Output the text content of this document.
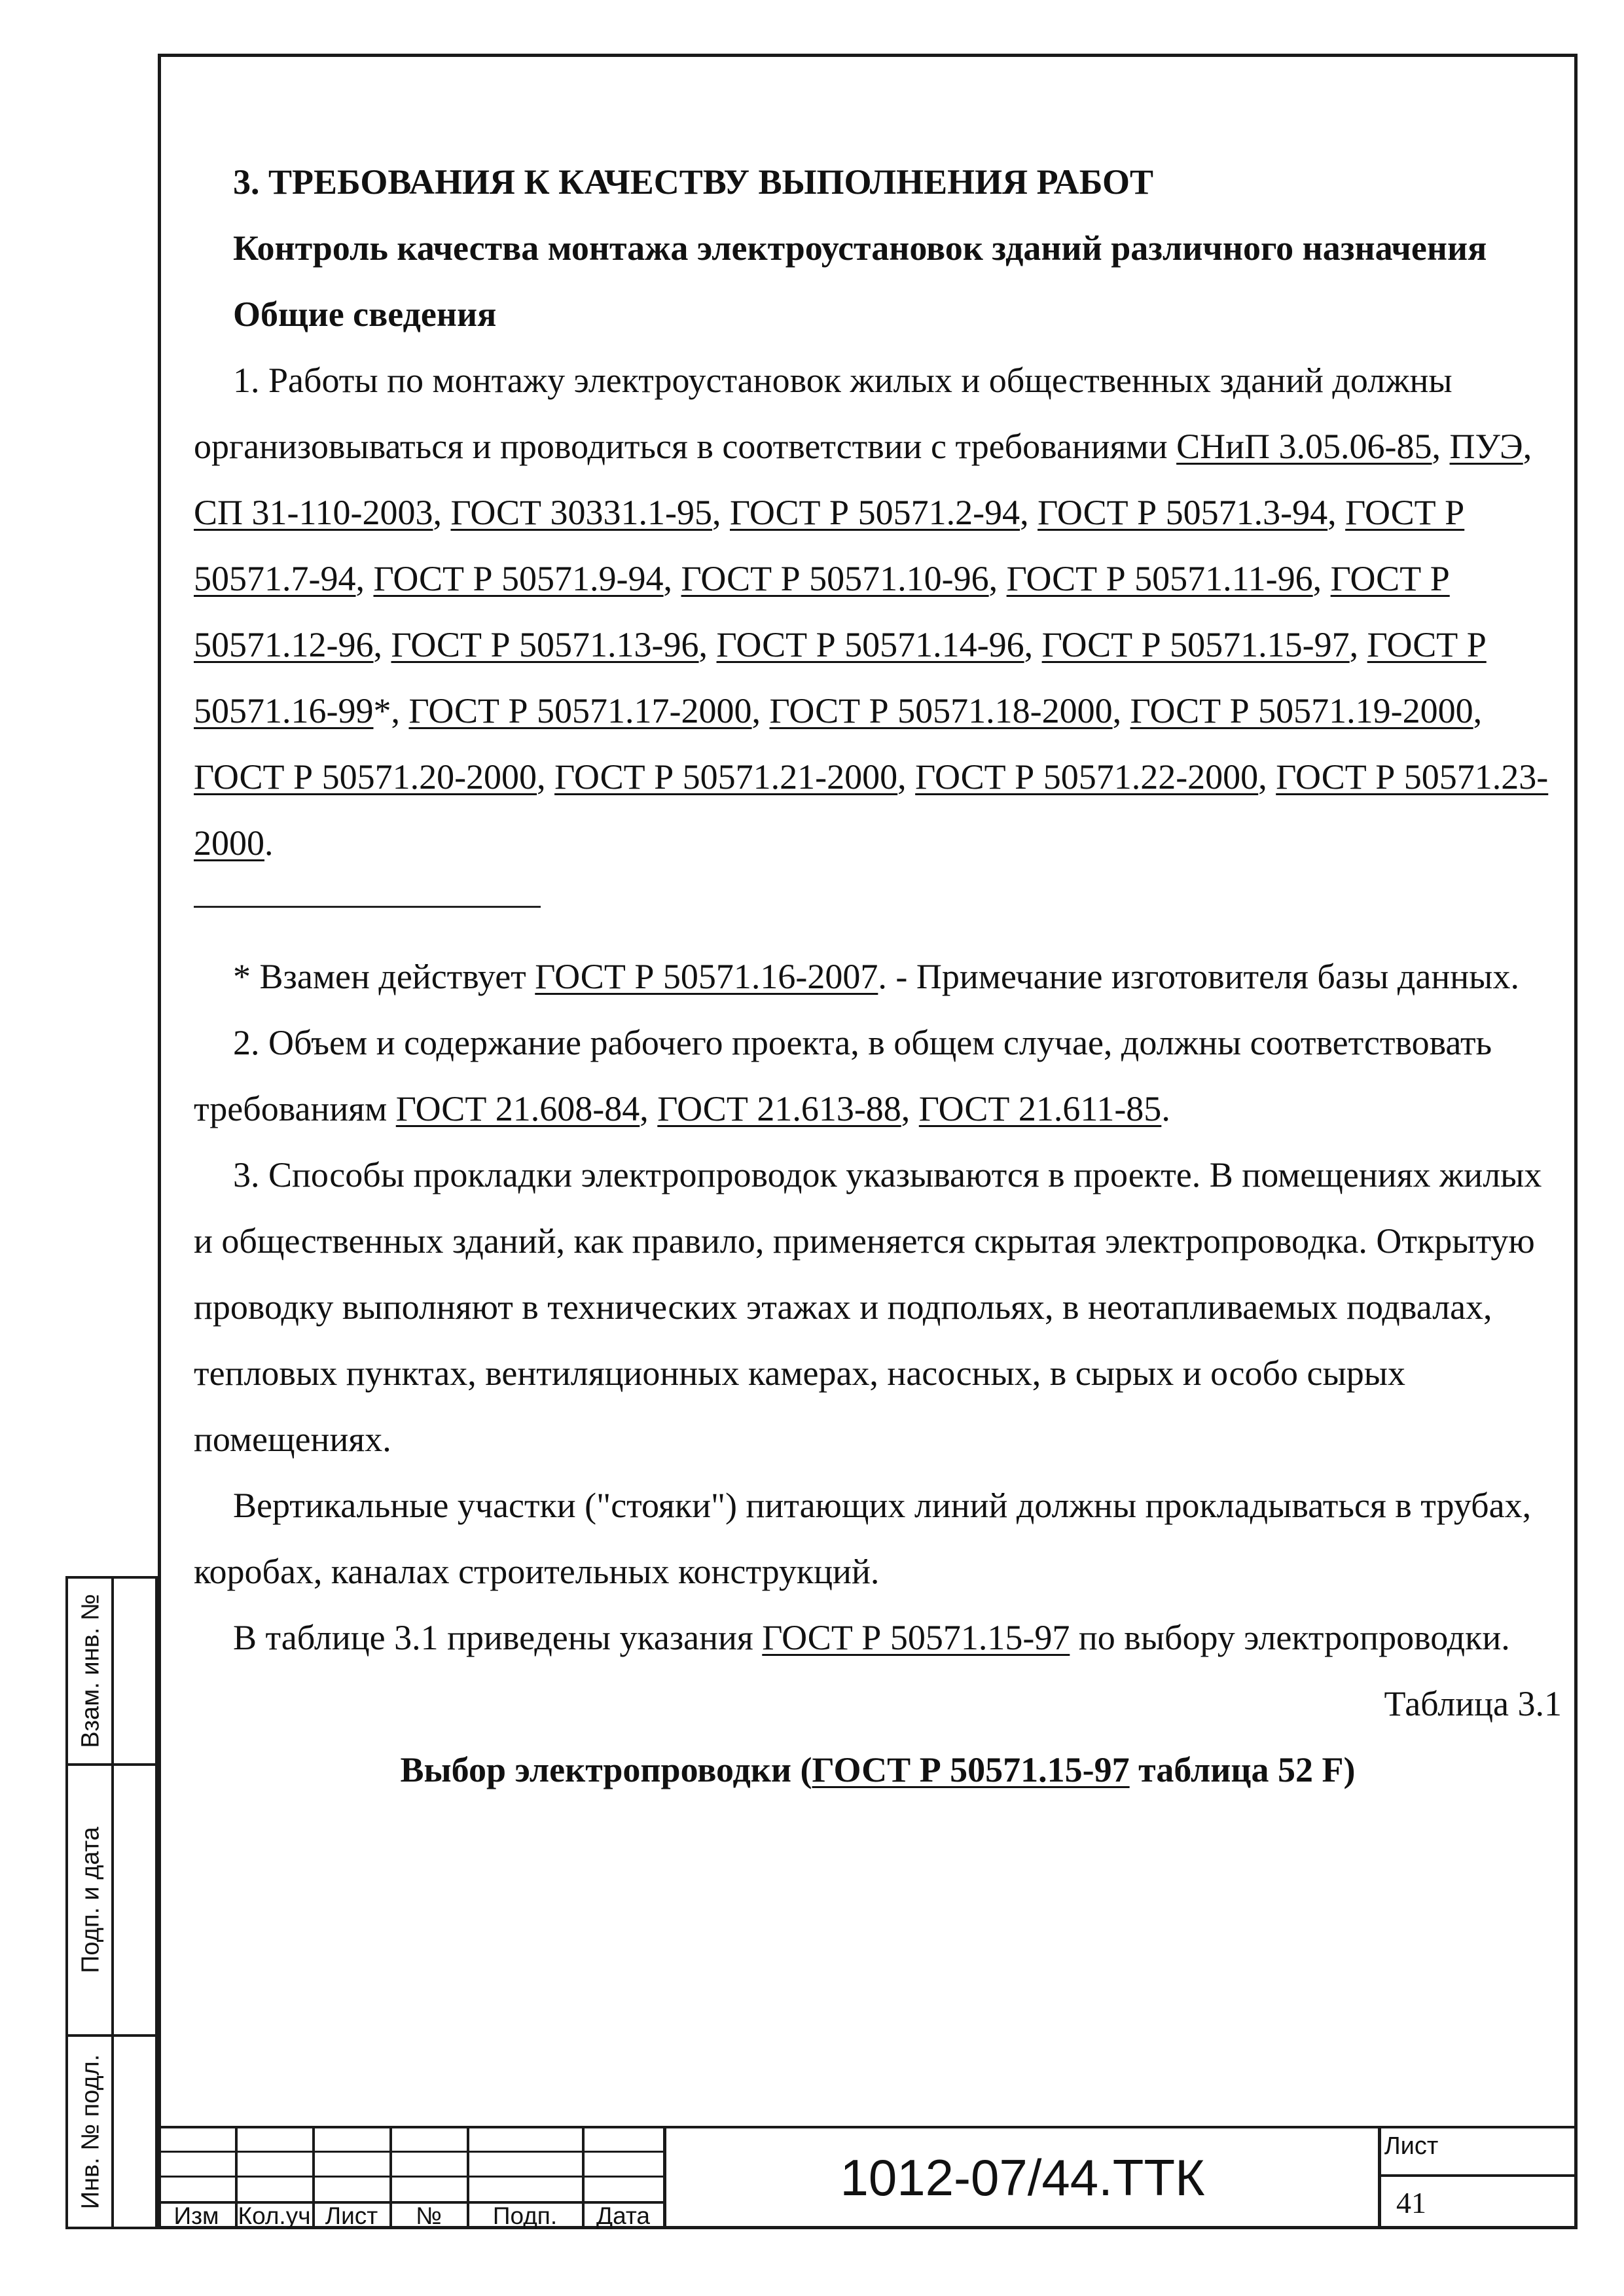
3. ТРЕБОВАНИЯ К КАЧЕСТВУ ВЫПОЛНЕНИЯ РАБОТ

Контроль качества монтажа электроустановок зданий различного назначения

Общие сведения

1. Работы по монтажу электроустановок жилых и общественных зданий должны организовываться и проводиться в соответствии с требованиями СНиП 3.05.06-85, ПУЭ, СП 31-110-2003, ГОСТ 30331.1-95, ГОСТ Р 50571.2-94, ГОСТ Р 50571.3-94, ГОСТ Р 50571.7-94, ГОСТ Р 50571.9-94, ГОСТ Р 50571.10-96, ГОСТ Р 50571.11-96, ГОСТ Р 50571.12-96, ГОСТ Р 50571.13-96, ГОСТ Р 50571.14-96, ГОСТ Р 50571.15-97, ГОСТ Р 50571.16-99*, ГОСТ Р 50571.17-2000, ГОСТ Р 50571.18-2000, ГОСТ Р 50571.19-2000, ГОСТ Р 50571.20-2000, ГОСТ Р 50571.21-2000, ГОСТ Р 50571.22-2000, ГОСТ Р 50571.23-2000.

* Взамен действует ГОСТ Р 50571.16-2007. - Примечание изготовителя базы данных.

2. Объем и содержание рабочего проекта, в общем случае, должны соответствовать требованиям ГОСТ 21.608-84, ГОСТ 21.613-88, ГОСТ 21.611-85.

3. Способы прокладки электропроводок указываются в проекте. В помещениях жилых и общественных зданий, как правило, применяется скрытая электропроводка. Открытую проводку выполняют в технических этажах и подпольях, в неотапливаемых подвалах, тепловых пунктах, вентиляционных камерах, насосных, в сырых и особо сырых помещениях.

Вертикальные участки ("стояки") питающих линий должны прокладываться в трубах, коробах, каналах строительных конструкций.

В таблице 3.1 приведены указания ГОСТ Р 50571.15-97 по выбору электропроводки.

Таблица 3.1

Выбор электропроводки (ГОСТ Р 50571.15-97 таблица 52 F)

Взам. инв. №
Подп. и дата
Инв. № подл.
Изм Кол.уч Лист	№	Подп.	Дата
1012-07/44.ТТК
Лист
41
